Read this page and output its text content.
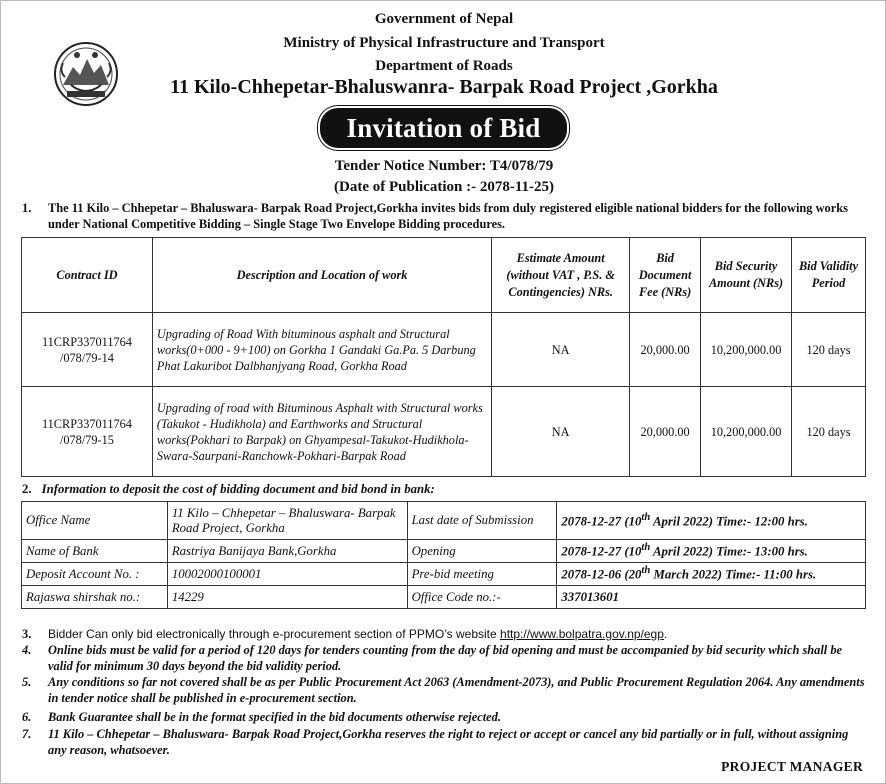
Government of Nepal
Ministry of Physical Infrastructure and Transport
Department of Roads
11 Kilo-Chhepetar-Bhaluswanra- Barpak Road Project ,Gorkha
Invitation of Bid
Tender Notice Number: T4/078/79
(Date of Publication :- 2078-11-25)
1. The 11 Kilo – Chhepetar – Bhaluswara- Barpak Road Project,Gorkha invites bids from duly registered eligible national bidders for the following works under National Competitive Bidding – Single Stage Two Envelope Bidding procedures.
Contract ID	Description and Location of work	Estimate Amount (without VAT , P.S. & Contingencies) NRs.	Bid Document Fee (NRs)	Bid Security Amount (NRs)	Bid Validity Period

11CRP337011764
/078/79-14	Upgrading of Road With bituminous asphalt and Structural works(0+000 - 9+100) on Gorkha 1 Gandaki Ga.Pa. 5 Darbung Phat Lakuribot Dalbhanjyang Road, Gorkha Road	NA	20,000.00	10,200,000.00	120 days

11CRP337011764
/078/79-15	Upgrading of road with Bituminous Asphalt with Structural works (Takukot - Hudikhola) and Earthworks and Structural works(Pokhari to Barpak) on Ghyampesal-Takukot-Hudikhola-Swara-Saurpani-Ranchowk-Pokhari-Barpak Road	NA	20,000.00	10,200,000.00	120 days
2. Information to deposit the cost of bidding document and bid bond in bank:
Office Name	11 Kilo – Chhepetar – Bhaluswara- Barpak Road Project, Gorkha	Last date of Submission	2078-12-27 (10th April 2022) Time:- 12:00 hrs.
Name of Bank	Rastriya Banijaya Bank,Gorkha	Opening	2078-12-27 (10th April 2022) Time:- 13:00 hrs.
Deposit Account No. :	10002000100001	Pre-bid meeting	2078-12-06 (20th March 2022) Time:- 11:00 hrs.
Rajaswa shirshak no.:	14229	Office Code no.:-	337013601
3. Bidder Can only bid electronically through e-procurement section of PPMO’s website http://www.bolpatra.gov.np/egp.
4. Online bids must be valid for a period of 120 days for tenders counting from the day of bid opening and must be accompanied by bid security which shall be valid for minimum 30 days beyond the bid validity period.
5. Any conditions so far not covered shall be as per Public Procurement Act 2063 (Amendment-2073), and Public Procurement Regulation 2064. Any amendments in tender notice shall be published in e-procurement section.
6. Bank Guarantee shall be in the format specified in the bid documents otherwise rejected.
7. 11 Kilo – Chhepetar – Bhaluswara- Barpak Road Project,Gorkha reserves the right to reject or accept or cancel any bid partially or in full, without assigning any reason, whatsoever.
PROJECT MANAGER
